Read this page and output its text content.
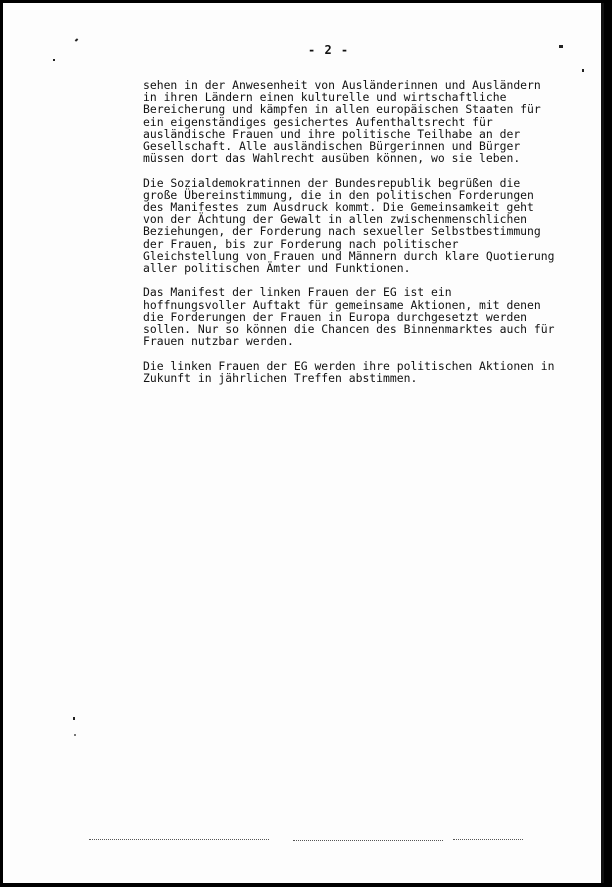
- 2 -

sehen in der Anwesenheit von Ausländerinnen und Ausländern
in ihren Ländern einen kulturelle und wirtschaftliche
Bereicherung und kämpfen in allen europäischen Staaten für
ein eigenständiges gesichertes Aufenthaltsrecht für
ausländische Frauen und ihre politische Teilhabe an der
Gesellschaft. Alle ausländischen Bürgerinnen und Bürger
müssen dort das Wahlrecht ausüben können, wo sie leben.

Die Sozialdemokratinnen der Bundesrepublik begrüßen die
große Übereinstimmung, die in den politischen Forderungen
des Manifestes zum Ausdruck kommt. Die Gemeinsamkeit geht
von der Ächtung der Gewalt in allen zwischenmenschlichen
Beziehungen, der Forderung nach sexueller Selbstbestimmung
der Frauen, bis zur Forderung nach politischer
Gleichstellung von Frauen und Männern durch klare Quotierung
aller politischen Ämter und Funktionen.

Das Manifest der linken Frauen der EG ist ein
hoffnungsvoller Auftakt für gemeinsame Aktionen, mit denen
die Forderungen der Frauen in Europa durchgesetzt werden
sollen. Nur so können die Chancen des Binnenmarktes auch für
Frauen nutzbar werden.

Die linken Frauen der EG werden ihre politischen Aktionen in
Zukunft in jährlichen Treffen abstimmen.
